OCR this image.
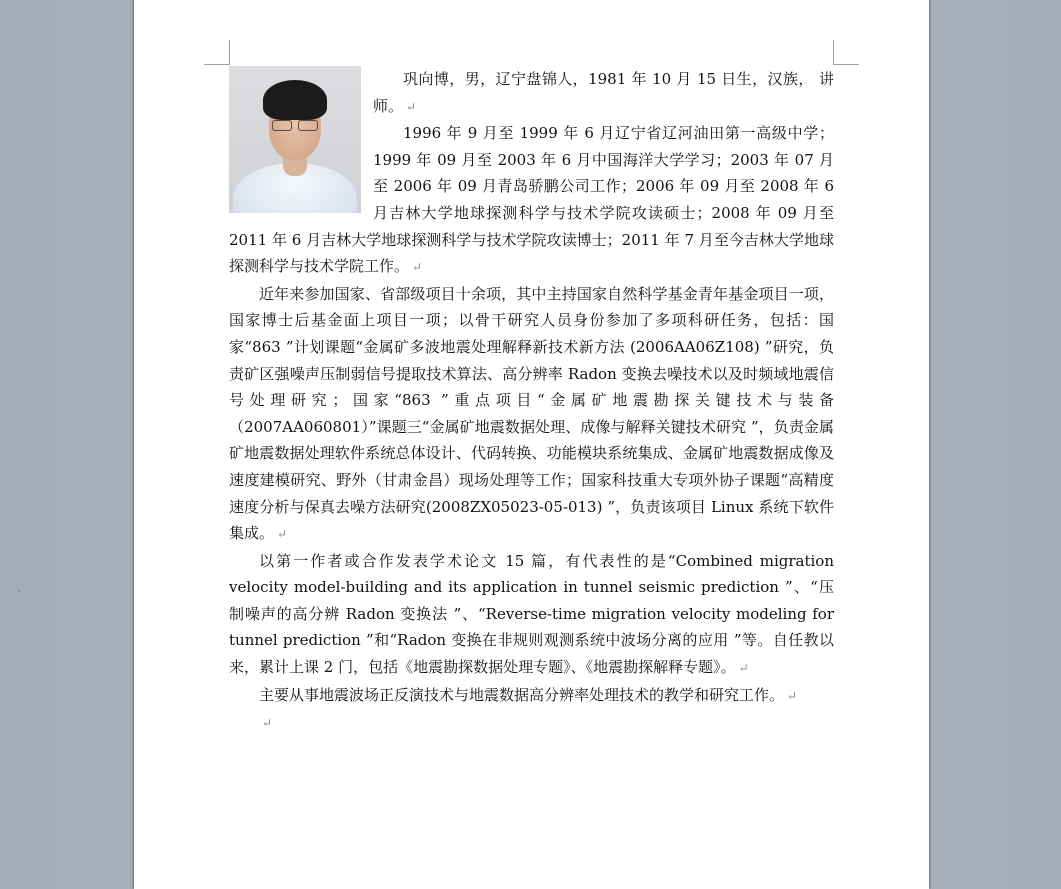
巩向博，男，辽宁盘锦人，1981 年 10 月 15 日生，汉族， 讲师。 ↵

1996 年 9 月至 1999 年 6 月辽宁省辽河油田第一高级中学；1999 年 09 月至 2003 年 6 月中国海洋大学学习；2003 年 07 月至 2006 年 09 月青岛骄鹏公司工作；2006 年 09 月至 2008 年 6 月吉林大学地球探测科学与技术学院攻读硕士；2008 年 09 月至 2011 年 6 月吉林大学地球探测科学与技术学院攻读博士；2011 年 7 月至今吉林大学地球探测科学与技术学院工作。 ↵

近年来参加国家、省部级项目十余项，其中主持国家自然科学基金青年基金项目一项，国家博士后基金面上项目一项；以骨干研究人员身份参加了多项科研任务，包括：国家“863 ”计划课题“金属矿多波地震处理解释新技术新方法 (2006AA06Z108) ”研究，负责矿区强噪声压制弱信号提取技术算法、高分辨率 Radon 变换去噪技术以及时频域地震信号处理研究；国家“863 ”重点项目“金属矿地震勘探关键技术与装备（2007AA060801）”课题三“金属矿地震数据处理、成像与解释关键技术研究 ”，负责金属矿地震数据处理软件系统总体设计、代码转换、功能模块系统集成、金属矿地震数据成像及速度建模研究、野外（甘肃金昌）现场处理等工作；国家科技重大专项外协子课题“高精度速度分析与保真去噪方法研究(2008ZX05023-05-013) ”，负责该项目 Linux 系统下软件集成。 ↵

以第一作者或合作发表学术论文 15 篇，有代表性的是“Combined migration velocity model-building and its application in tunnel seismic prediction ”、“压制噪声的高分辨 Radon 变换法 ”、“Reverse-time migration velocity modeling for tunnel prediction ”和“Radon 变换在非规则观测系统中波场分离的应用 ”等。自任教以来，累计上课 2 门，包括《地震勘探数据处理专题》、《地震勘探解释专题》。 ↵

主要从事地震波场正反演技术与地震数据高分辨率处理技术的教学和研究工作。 ↵

↵
